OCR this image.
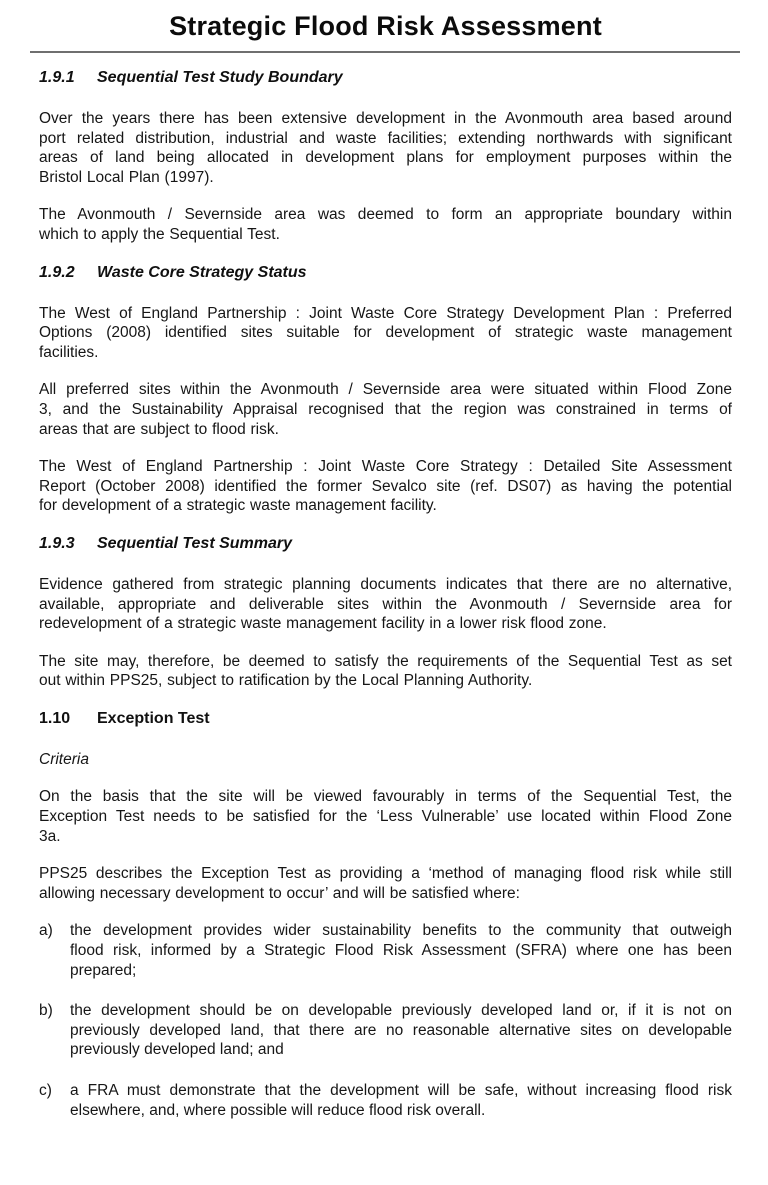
Strategic Flood Risk Assessment
1.9.1	Sequential Test Study Boundary
Over the years there has been extensive development in the Avonmouth area based around
port related distribution, industrial and waste facilities; extending northwards with significant
areas of land being allocated in development plans for employment purposes within the
Bristol Local Plan (1997).
The Avonmouth / Severnside area was deemed to form an appropriate boundary within
which to apply the Sequential Test.
1.9.2	Waste Core Strategy Status
The West of England Partnership : Joint Waste Core Strategy Development Plan : Preferred
Options (2008) identified sites suitable for development of strategic waste management
facilities.
All preferred sites within the Avonmouth / Severnside area were situated within Flood Zone
3, and the Sustainability Appraisal recognised that the region was constrained in terms of
areas that are subject to flood risk.
The West of England Partnership : Joint Waste Core Strategy : Detailed Site Assessment
Report (October 2008) identified the former Sevalco site (ref. DS07) as having the potential
for development of a strategic waste management facility.
1.9.3	Sequential Test Summary
Evidence gathered from strategic planning documents indicates that there are no alternative,
available, appropriate and deliverable sites within the Avonmouth / Severnside area for
redevelopment of a strategic waste management facility in a lower risk flood zone.
The site may, therefore, be deemed to satisfy the requirements of the Sequential Test as set
out within PPS25, subject to ratification by the Local Planning Authority.
1.10	Exception Test
Criteria
On the basis that the site will be viewed favourably in terms of the Sequential Test, the
Exception Test needs to be satisfied for the ‘Less Vulnerable’ use located within Flood Zone
3a.
PPS25 describes the Exception Test as providing a ‘method of managing flood risk while still
allowing necessary development to occur’ and will be satisfied where:
a)	the development provides wider sustainability benefits to the community that outweigh
flood risk, informed by a Strategic Flood Risk Assessment (SFRA) where one has been
prepared;
b)	the development should be on developable previously developed land or, if it is not on
previously developed land, that there are no reasonable alternative sites on developable
previously developed land; and
c)	a FRA must demonstrate that the development will be safe, without increasing flood risk
elsewhere, and, where possible will reduce flood risk overall.
